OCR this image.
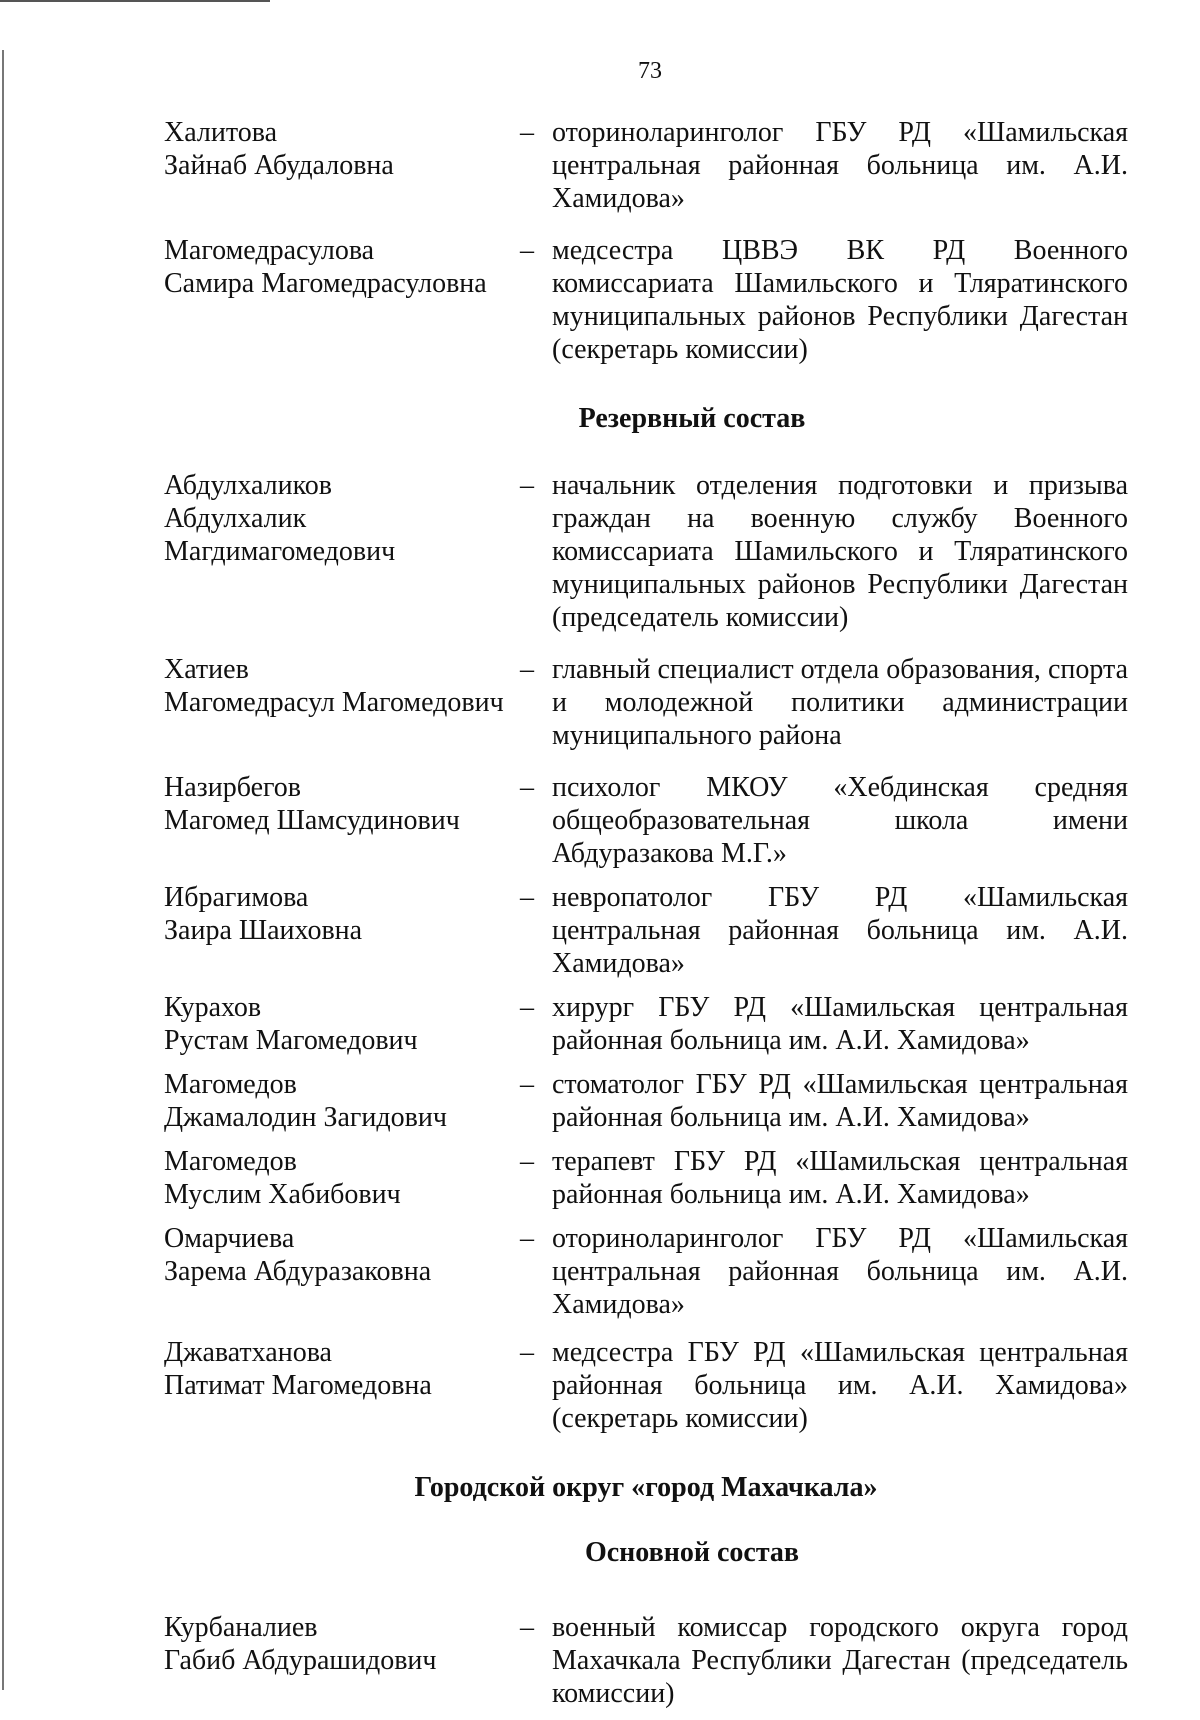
73
Халитова
Зайнаб Абудаловна
– оториноларинголог ГБУ РД «Шамильская центральная районная больница им. А.И. Хамидова»
Магомедрасулова
Самира Магомедрасуловна
– медсестра ЦВВЭ ВК РД Военного комиссариата Шамильского и Тляратинского муниципальных районов Республики Дагестан (секретарь комиссии)
Резервный состав
Абдулхаликов
Абдулхалик
Магдимагомедович
– начальник отделения подготовки и призыва граждан на военную службу Военного комиссариата Шамильского и Тляратинского муниципальных районов Республики Дагестан (председатель комиссии)
Хатиев
Магомедрасул Магомедович
– главный специалист отдела образования, спорта и молодежной политики администрации муниципального района
Назирбегов
Магомед Шамсудинович
– психолог МКОУ «Хебдинская средняя общеобразовательная школа имени Абдуразакова М.Г.»
Ибрагимова
Заира Шаиховна
– невропатолог ГБУ РД «Шамильская центральная районная больница им. А.И. Хамидова»
Курахов
Рустам Магомедович
– хирург ГБУ РД «Шамильская центральная районная больница им. А.И. Хамидова»
Магомедов
Джамалодин Загидович
– стоматолог ГБУ РД «Шамильская центральная районная больница им. А.И. Хамидова»
Магомедов
Муслим Хабибович
– терапевт ГБУ РД «Шамильская центральная районная больница им. А.И. Хамидова»
Омарчиева
Зарема Абдуразаковна
– оториноларинголог ГБУ РД «Шамильская центральная районная больница им. А.И. Хамидова»
Джаватханова
Патимат Магомедовна
– медсестра ГБУ РД «Шамильская центральная районная больница им. А.И. Хамидова» (секретарь комиссии)
Городской округ «город Махачкала»
Основной состав
Курбаналиев
Габиб Абдурашидович
– военный комиссар городского округа город Махачкала Республики Дагестан (председатель комиссии)
